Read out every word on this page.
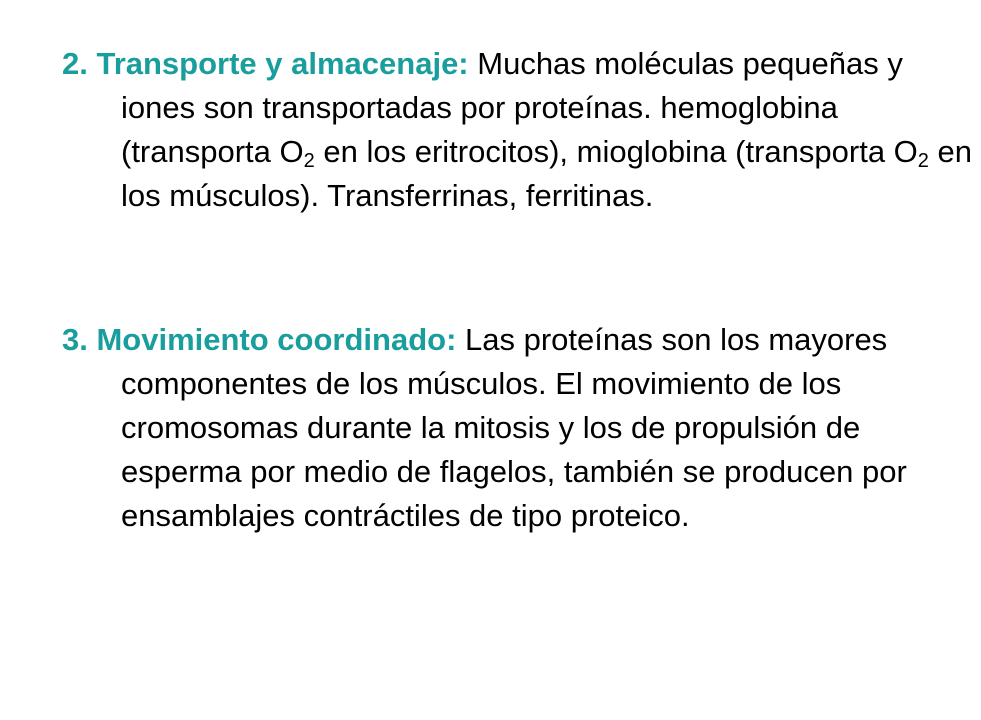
2. Transporte y almacenaje: Muchas moléculas pequeñas y iones son transportadas por proteínas. hemoglobina (transporta $O_2$ en los eritrocitos), mioglobina (transporta $O_2$ en los músculos). Transferrinas, ferritinas.

3. Movimiento coordinado: Las proteínas son los mayores componentes de los músculos. El movimiento de los cromosomas durante la mitosis y los de propulsión de esperma por medio de flagelos, también se producen por ensamblajes contráctiles de tipo proteico.
